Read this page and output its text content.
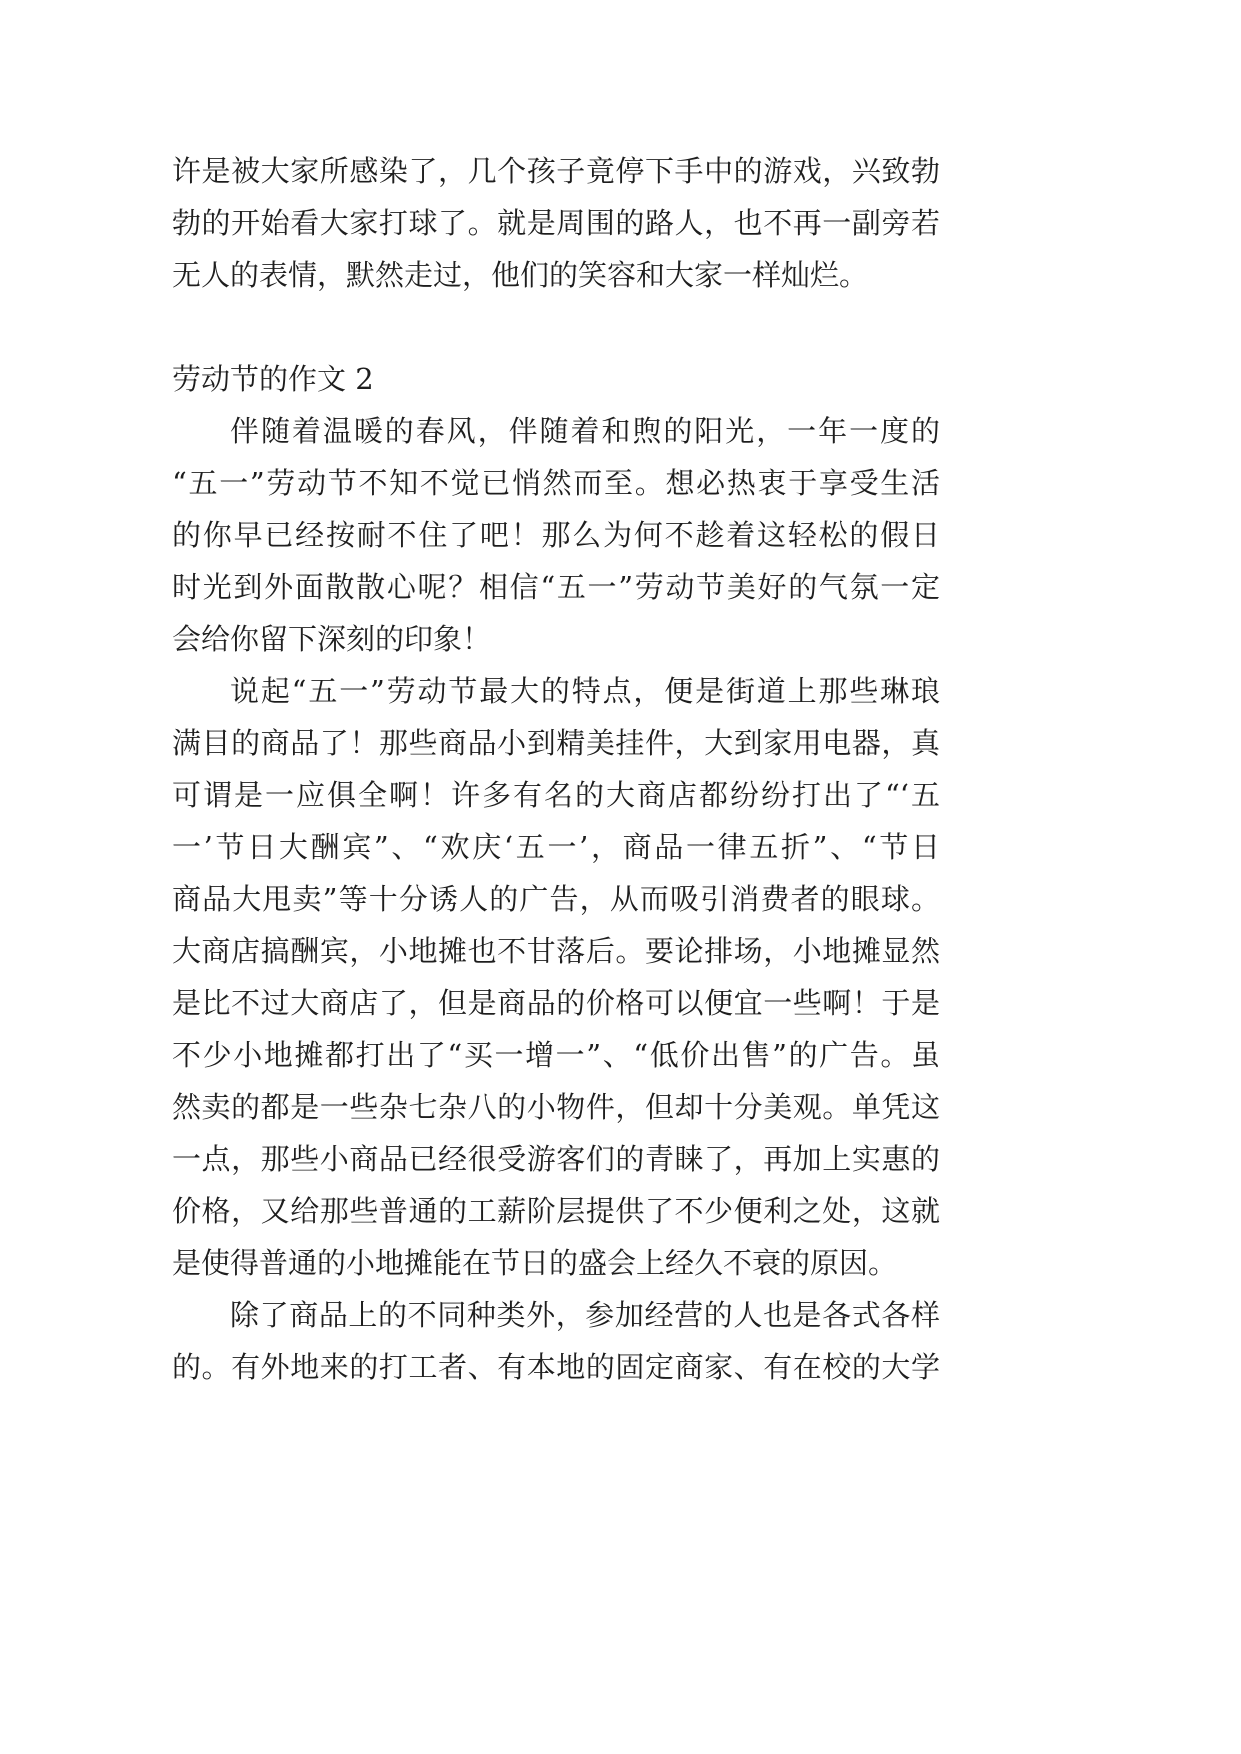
许是被大家所感染了，几个孩子竟停下手中的游戏，兴致勃
勃的开始看大家打球了。就是周围的路人，也不再一副旁若
无人的表情，默然走过，他们的笑容和大家一样灿烂。
劳动节的作文 2
伴随着温暖的春风，伴随着和煦的阳光，一年一度的
“五一”劳动节不知不觉已悄然而至。想必热衷于享受生活
的你早已经按耐不住了吧！那么为何不趁着这轻松的假日
时光到外面散散心呢？相信“五一”劳动节美好的气氛一定
会给你留下深刻的印象！
说起“五一”劳动节最大的特点，便是街道上那些琳琅
满目的商品了！那些商品小到精美挂件，大到家用电器，真
可谓是一应俱全啊！许多有名的大商店都纷纷打出了“‘五
一’节日大酬宾”、“欢庆‘五一’，商品一律五折”、“节日
商品大甩卖”等十分诱人的广告，从而吸引消费者的眼球。
大商店搞酬宾，小地摊也不甘落后。要论排场，小地摊显然
是比不过大商店了，但是商品的价格可以便宜一些啊！于是
不少小地摊都打出了“买一增一”、“低价出售”的广告。虽
然卖的都是一些杂七杂八的小物件，但却十分美观。单凭这
一点，那些小商品已经很受游客们的青睐了，再加上实惠的
价格，又给那些普通的工薪阶层提供了不少便利之处，这就
是使得普通的小地摊能在节日的盛会上经久不衰的原因。
除了商品上的不同种类外，参加经营的人也是各式各样
的。有外地来的打工者、有本地的固定商家、有在校的大学
